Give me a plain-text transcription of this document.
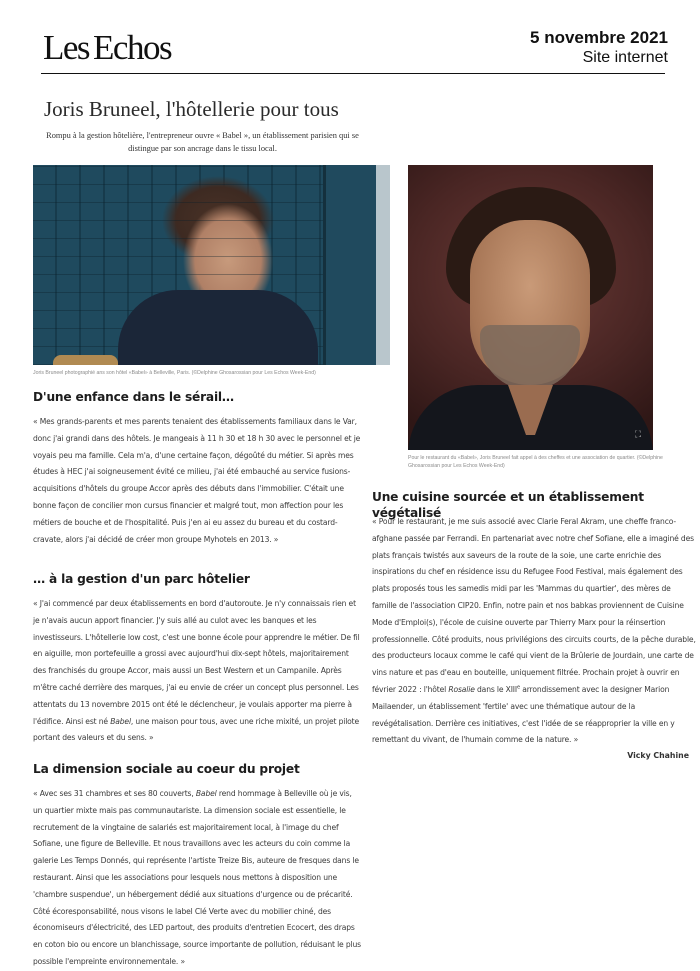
Les Echos	5 novembre 2021
Site internet
Joris Bruneel, l'hôtellerie pour tous
Rompu à la gestion hôtelière, l'entrepreneur ouvre « Babel », un établissement parisien qui se distingue par son ancrage dans le tissu local.
Joris Bruneel photographié ans son hôtel «Babel» à Belleville, Paris. (©Delphine Ghosarossian pour Les Echos Week-End)
⛶
Pour le restaurant du «Babel», Joris Bruneel fait appel à des cheffes et une association de quartier. (©Delphine Ghosarossian pour Les Echos Week-End)
D'une enfance dans le sérail…
« Mes grands-parents et mes parents tenaient des établissements familiaux dans le Var, donc j'ai grandi dans des hôtels. Je mangeais à 11 h 30 et 18 h 30 avec le personnel et je voyais peu ma famille. Cela m'a, d'une certaine façon, dégoûté du métier. Si après mes études à HEC j'ai soigneusement évité ce milieu, j'ai été embauché au service fusions-acquisitions d'hôtels du groupe Accor après des débuts dans l'immobilier. C'était une bonne façon de concilier mon cursus financier et malgré tout, mon affection pour les métiers de bouche et de l'hospitalité. Puis j'en ai eu assez du bureau et du costard-cravate, alors j'ai décidé de créer mon groupe Myhotels en 2013. »
… à la gestion d'un parc hôtelier
« J'ai commencé par deux établissements en bord d'autoroute. Je n'y connaissais rien et je n'avais aucun apport financier. J'y suis allé au culot avec les banques et les investisseurs. L'hôtellerie low cost, c'est une bonne école pour apprendre le métier. De fil en aiguille, mon portefeuille a grossi avec aujourd'hui dix-sept hôtels, majoritairement des franchisés du groupe Accor, mais aussi un Best Western et un Campanile. Après m'être caché derrière des marques, j'ai eu envie de créer un concept plus personnel. Les attentats du 13 novembre 2015 ont été le déclencheur, je voulais apporter ma pierre à l'édifice. Ainsi est né Babel, une maison pour tous, avec une riche mixité, un projet pilote portant des valeurs et du sens. »
La dimension sociale au coeur du projet
« Avec ses 31 chambres et ses 80 couverts, Babel rend hommage à Belleville où je vis, un quartier mixte mais pas communautariste. La dimension sociale est essentielle, le recrutement de la vingtaine de salariés est majoritairement local, à l'image du chef Sofiane, une figure de Belleville. Et nous travaillons avec les acteurs du coin comme la galerie Les Temps Donnés, qui représente l'artiste Treize Bis, auteure de fresques dans le restaurant. Ainsi que les associations pour lesquels nous mettons à disposition une 'chambre suspendue', un hébergement dédié aux situations d'urgence ou de précarité. Côté écoresponsabilité, nous visons le label Clé Verte avec du mobilier chiné, des économiseurs d'électricité, des LED partout, des produits d'entretien Ecocert, des draps en coton bio ou encore un blanchissage, source importante de pollution, réduisant le plus possible l'empreinte environnementale. »
Une cuisine sourcée et un établissement végétalisé
« Pour le restaurant, je me suis associé avec Clarie Feral Akram, une cheffe franco-afghane passée par Ferrandi. En partenariat avec notre chef Sofiane, elle a imaginé des plats français twistés aux saveurs de la route de la soie, une carte enrichie des inspirations du chef en résidence issu du Refugee Food Festival, mais également des plats proposés tous les samedis midi par les 'Mammas du quartier', des mères de famille de l'association CIP20. Enfin, notre pain et nos babkas proviennent de Cuisine Mode d'Emploi(s), l'école de cuisine ouverte par Thierry Marx pour la réinsertion professionnelle. Côté produits, nous privilégions des circuits courts, de la pêche durable, des producteurs locaux comme le café qui vient de la Brûlerie de Jourdain, une carte de vins nature et pas d'eau en bouteille, uniquement filtrée. Prochain projet à ouvrir en février 2022 : l'hôtel Rosalie dans le XIIIe arrondissement avec la designer Marion Mailaender, un établissement 'fertile' avec une thématique autour de la revégétalisation. Derrière ces initiatives, c'est l'idée de se réapproprier la ville en y remettant du vivant, de l'humain comme de la nature. »
Vicky Chahine
